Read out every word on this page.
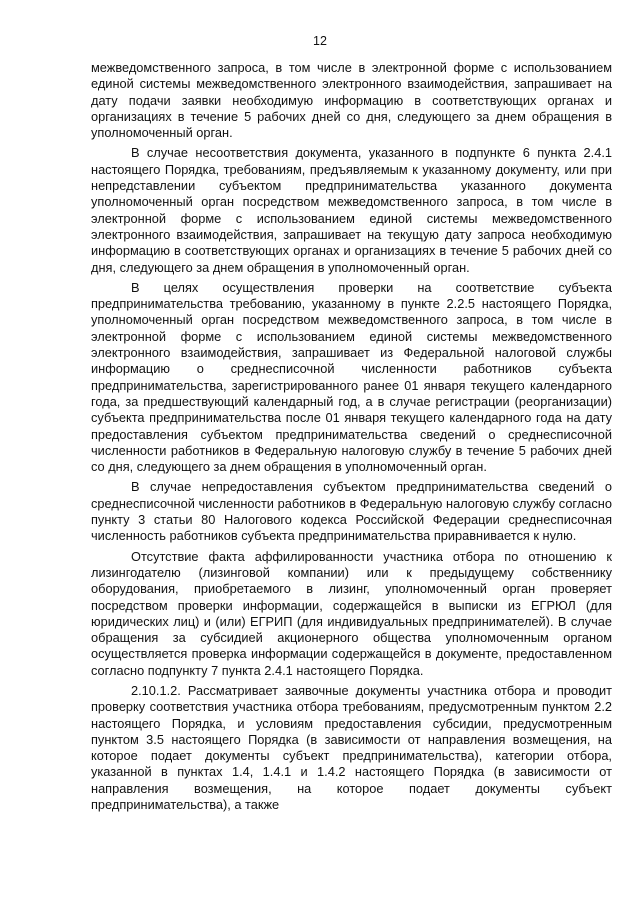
12

межведомственного запроса, в том числе в электронной форме с использованием единой системы межведомственного электронного взаимодействия, запрашивает на дату подачи заявки необходимую информацию в соответствующих органах и организациях в течение 5 рабочих дней со дня, следующего за днем обращения в уполномоченный орган.

В случае несоответствия документа, указанного в подпункте 6 пункта 2.4.1 настоящего Порядка, требованиям, предъявляемым к указанному документу, или при непредставлении субъектом предпринимательства указанного документа уполномоченный орган посредством межведомственного запроса, в том числе в электронной форме с использованием единой системы межведомственного электронного взаимодействия, запрашивает на текущую дату запроса необходимую информацию в соответствующих органах и организациях в течение 5 рабочих дней со дня, следующего за днем обращения в уполномоченный орган.

В целях осуществления проверки на соответствие субъекта предпринимательства требованию, указанному в пункте 2.2.5 настоящего Порядка, уполномоченный орган посредством межведомственного запроса, в том числе в электронной форме с использованием единой системы межведомственного электронного взаимодействия, запрашивает из Федеральной налоговой службы информацию о среднесписочной численности работников субъекта предпринимательства, зарегистрированного ранее 01 января текущего календарного года, за предшествующий календарный год, а в случае регистрации (реорганизации) субъекта предпринимательства после 01 января текущего календарного года на дату предоставления субъектом предпринимательства сведений о среднесписочной численности работников в Федеральную налоговую службу в течение 5 рабочих дней со дня, следующего за днем обращения в уполномоченный орган.

В случае непредоставления субъектом предпринимательства сведений о среднесписочной численности работников в Федеральную налоговую службу согласно пункту 3 статьи 80 Налогового кодекса Российской Федерации среднесписочная численность работников субъекта предпринимательства приравнивается к нулю.

Отсутствие факта аффилированности участника отбора по отношению к лизингодателю (лизинговой компании) или к предыдущему собственнику оборудования, приобретаемого в лизинг, уполномоченный орган проверяет посредством проверки информации, содержащейся в выписки из ЕГРЮЛ (для юридических лиц) и (или) ЕГРИП (для индивидуальных предпринимателей). В случае обращения за субсидией акционерного общества уполномоченным органом осуществляется проверка информации содержащейся в документе, предоставленном согласно подпункту 7 пункта 2.4.1 настоящего Порядка.

2.10.1.2. Рассматривает заявочные документы участника отбора и проводит проверку соответствия участника отбора требованиям, предусмотренным пунктом 2.2 настоящего Порядка, и условиям предоставления субсидии, предусмотренным пунктом 3.5 настоящего Порядка (в зависимости от направления возмещения, на которое подает документы субъект предпринимательства), категории отбора, указанной в пунктах 1.4, 1.4.1 и 1.4.2 настоящего Порядка (в зависимости от направления возмещения, на которое подает документы субъект предпринимательства), а также
